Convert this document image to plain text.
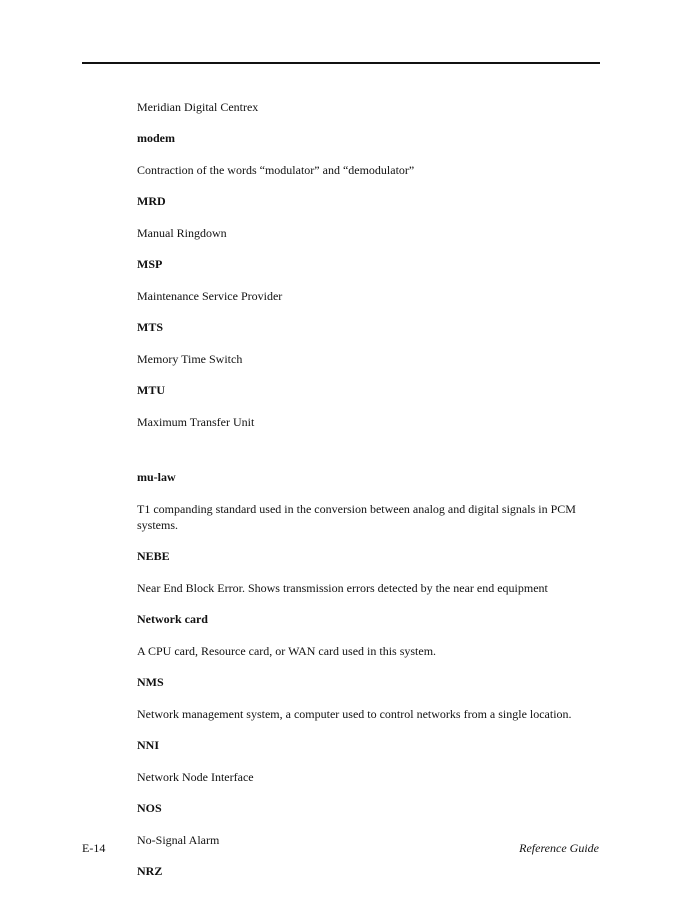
Meridian Digital Centrex

modem

Contraction of the words “modulator” and “demodulator”

MRD

Manual Ringdown

MSP

Maintenance Service Provider

MTS

Memory Time Switch

MTU

Maximum Transfer Unit

mu-law

T1 companding standard used in the conversion between analog and digital signals in PCM systems.

NEBE

Near End Block Error. Shows transmission errors detected by the near end equipment

Network card

A CPU card, Resource card, or WAN card used in this system.

NMS

Network management system, a computer used to control networks from a single location.

NNI

Network Node Interface

NOS

No-Signal Alarm

NRZ

E-14	Reference Guide
